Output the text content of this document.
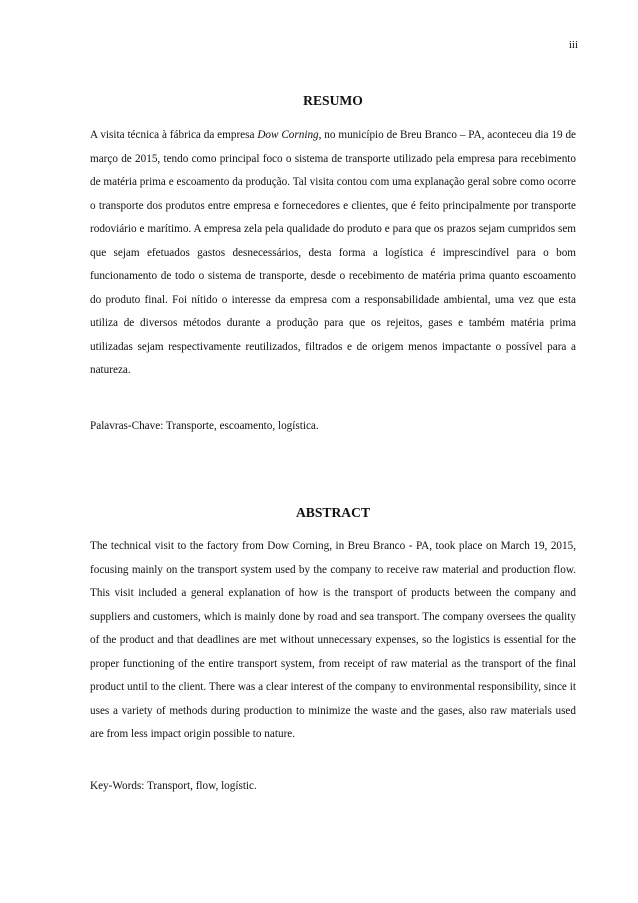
iii
RESUMO

A visita técnica à fábrica da empresa Dow Corning, no município de Breu Branco – PA, aconteceu dia 19 de março de 2015, tendo como principal foco o sistema de transporte utilizado pela empresa para recebimento de matéria prima e escoamento da produção. Tal visita contou com uma explanação geral sobre como ocorre o transporte dos produtos entre empresa e fornecedores e clientes, que é feito principalmente por transporte rodoviário e marítimo. A empresa zela pela qualidade do produto e para que os prazos sejam cumpridos sem que sejam efetuados gastos desnecessários, desta forma a logística é imprescindível para o bom funcionamento de todo o sistema de transporte, desde o recebimento de matéria prima quanto escoamento do produto final. Foi nítido o interesse da empresa com a responsabilidade ambiental, uma vez que esta utiliza de diversos métodos durante a produção para que os rejeitos, gases e também matéria prima utilizadas sejam respectivamente reutilizados, filtrados e de origem menos impactante o possível para a natureza.

Palavras-Chave: Transporte, escoamento, logística.

ABSTRACT

The technical visit to the factory from Dow Corning, in Breu Branco - PA, took place on March 19, 2015, focusing mainly on the transport system used by the company to receive raw material and production flow. This visit included a general explanation of how is the transport of products between the company and suppliers and customers, which is mainly done by road and sea transport. The company oversees the quality of the product and that deadlines are met without unnecessary expenses, so the logistics is essential for the proper functioning of the entire transport system, from receipt of raw material as the transport of the final product until to the client. There was a clear interest of the company to environmental responsibility, since it uses a variety of methods during production to minimize the waste and the gases, also raw materials used are from less impact origin possible to nature.

Key-Words: Transport, flow, logístic.
